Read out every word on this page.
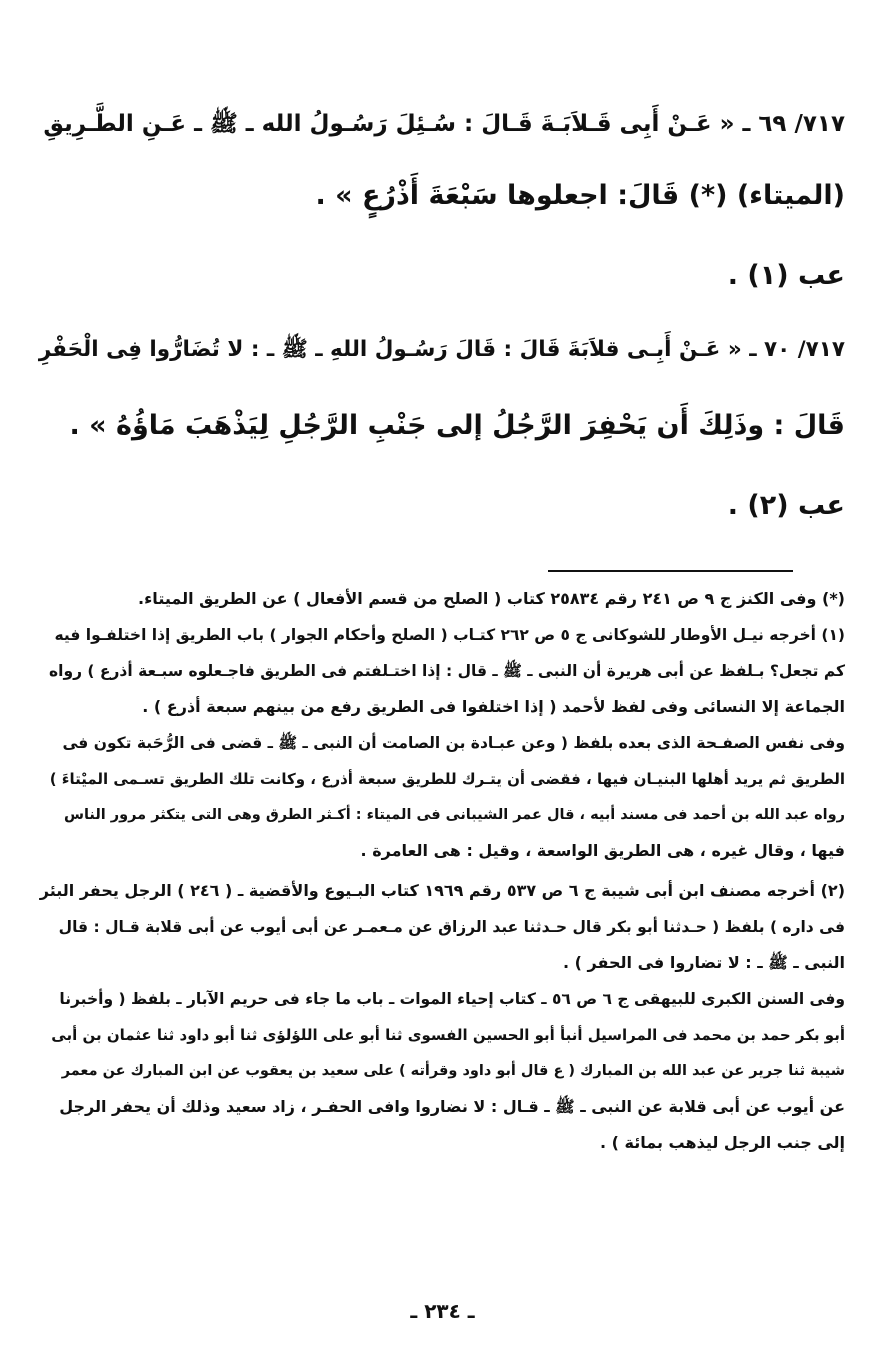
٧١٧/ ٦٩ ـ « عَـنْ أَبِى قَـلاَبَـةَ قَـالَ : سُـئِلَ رَسُـولُ الله ـ ﷺ ـ عَـنِ الطَّـرِيقِ
(الميتاء) (*) قَالَ: اجعلوها سَبْعَةَ أَذْرُعٍ » .
عب (١) .
٧١٧/ ٧٠ ـ « عَـنْ أَبِـى قلاَبَةَ قَالَ : قَالَ رَسُـولُ اللهِ ـ ﷺ ـ : لا تُضَارُّوا فِى الْحَفْرِ
قَالَ : وذَلِكَ أَن يَحْفِرَ الرَّجُلُ إلى جَنْبِ الرَّجُلِ لِيَذْهَبَ مَاؤُهُ » .
عب (٢) .
(*) وفى الكنز ج ٩ ص ٢٤١ رقم ٢٥٨٣٤ كتاب ( الصلح من قسم الأفعال ) عن الطريق الميتاء.
(١) أخرجه نيـل الأوطار للشوكانى ج ٥ ص ٢٦٢ كتـاب ( الصلح وأحكام الجوار ) باب الطريق إذا اختلفـوا فيه
كم تجعل؟ بـلفظ عن أبى هريرة أن النبى ـ ﷺ ـ قال : إذا اختـلفتم فى الطريق فاجـعلوه سبـعة أذرع ) رواه
الجماعة إلا النسائى وفى لفظ لأحمد ( إذا اختلفوا فى الطريق رفع من بينهم سبعة أذرع ) .
وفى نفس الصفـحة الذى بعده بلفظ ( وعن عبـادة بن الصامت أن النبى ـ ﷺ ـ قضى فى الرُّحَبة تكون فى
الطريق ثم يريد أهلها البنيـان فيها ، فقضى أن يتـرك للطريق سبعة أذرع ، وكانت تلك الطريق تسـمى الميْتاءَ )
رواه عبد الله بن أحمد فى مسند أبيه ، قال عمر الشيبانى فى الميتاء : أكـثر الطرق وهى التى يتكثر مرور الناس
فيها ، وقال غيره ، هى الطريق الواسعة ، وقيل : هى العامرة .
(٢) أخرجه مصنف ابن أبى شيبة ج ٦ ص ٥٣٧ رقم ١٩٦٩ كتاب البـيوع والأقضية ـ ( ٢٤٦ ) الرجل يحفر البئر
فى داره ) بلفظ ( حـدثنا أبو بكر قال حـدثنا عبد الرزاق عن مـعمـر عن أبى أيوب عن أبى قلابة قـال : قال
النبى ـ ﷺ ـ : لا تضاروا فى الحفر ) .
وفى السنن الكبرى للبيهقى ج ٦ ص ٥٦ ـ كتاب إحياء الموات ـ باب ما جاء فى حريم الآبار ـ بلفظ ( وأخبرنا
أبو بكر حمد بن محمد فى المراسيل أنبأ أبو الحسين الفسوى ثنا أبو على اللؤلؤى ثنا أبو داود ثنا عثمان بن أبى
شيبة ثنا جرير عن عبد الله بن المبارك ( ع قال أبو داود وقرأته ) على سعيد بن يعقوب عن ابن المبارك عن معمر
عن أيوب عن أبى قلابة عن النبى ـ ﷺ ـ قـال : لا نضاروا وافى الحفـر ، زاد سعيد وذلك أن يحفر الرجل
إلى جنب الرجل ليذهب بمائة ) .
ـ ٢٣٤ ـ
